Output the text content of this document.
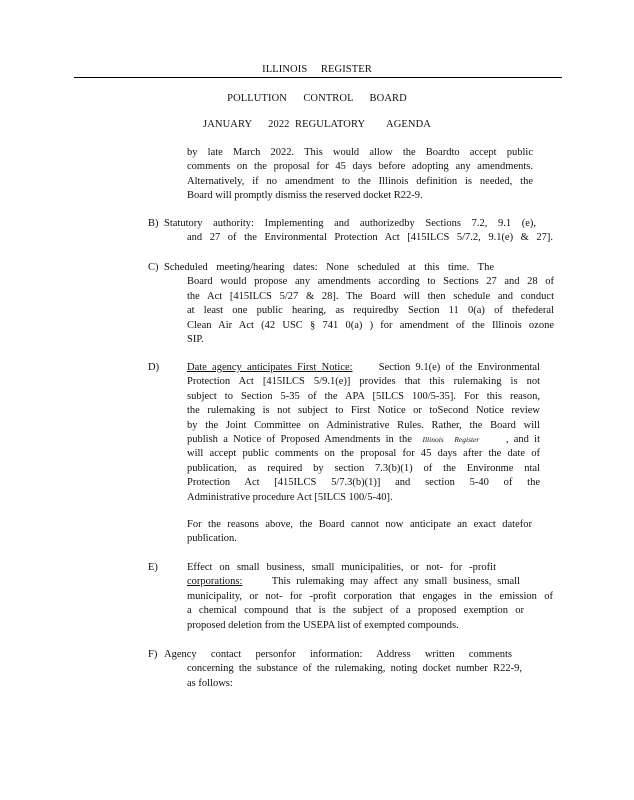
ILLINOIS     REGISTER
POLLUTION      CONTROL      BOARD
JANUARY      2022  REGULATORY        AGENDA
by late March 2022. This would allow the Boardto accept public
comments on the proposal for 45 days before adopting any amendments.
Alternatively, if no amendment to the Illinois definition is needed, the
Board will promptly dismiss the reserved docket R22-9.
B) Statutory authority: Implementing and authorizedby Sections 7.2, 9.1 (e),
and 27 of the Environmental Protection Act [415ILCS 5/7.2, 9.1(e) & 27].
C) Scheduled meeting/hearing dates: None scheduled at this time. The
Board would propose any amendments according to Sections 27 and 28 of
the Act [415ILCS 5/27 & 28]. The Board will then schedule and conduct
at least one public hearing, as requiredby Section 11 0(a) of thefederal
Clean Air Act (42 USC § 741 0(a) ) for amendment of the Illinois ozone
SIP.
D)	Date agency anticipates First Notice: Section 9.1(e) of the Environmental
Protection Act [415ILCS 5/9.1(e)] provides that this rulemaking is not
subject to Section 5-35 of the APA [5ILCS 100/5-35]. For this reason,
the rulemaking is not subject to First Notice or toSecond Notice review
by the Joint Committee on Administrative Rules. Rather, the Board will
publish a Notice of Proposed Amendments in the Illinois Register	, and it
will accept public comments on the proposal for 45 days after the date of
publication, as required by section 7.3(b)(1) of the Environme ntal
Protection Act [415ILCS 5/7.3(b)(1)] and section 5-40 of the
Administrative procedure Act [5ILCS 100/5-40].
For the reasons above, the Board cannot now anticipate an exact datefor
publication.
E)	Effect on small business, small municipalities, or not- for -profit
corporations:	This rulemaking may affect any small business, small
municipality, or not- for -profit corporation that engages in the emission of
a chemical compound that is the subject of a proposed exemption or
proposed deletion from the USEPA list of exempted compounds.
F) Agency contact personfor information: Address written comments
concerning the substance of the rulemaking, noting docket number R22-9,
as follows:
